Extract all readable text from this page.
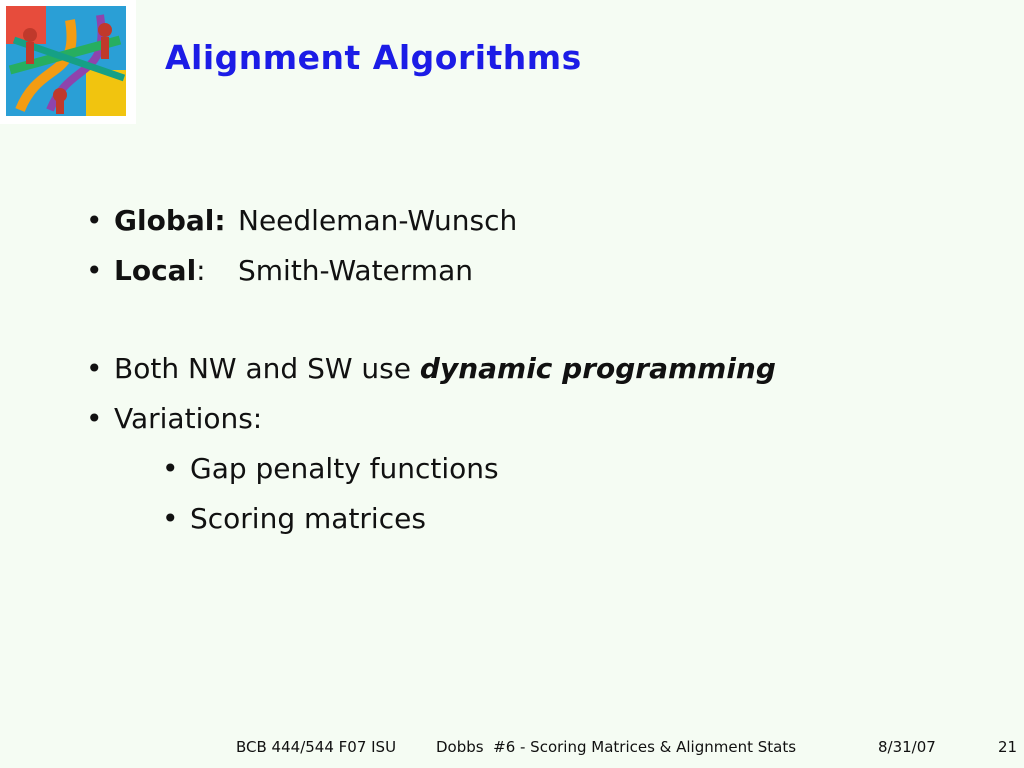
Alignment Algorithms
• Global: Needleman-Wunsch
• Local:	Smith-Waterman
• Both NW and SW use dynamic programming
• Variations:
• Gap penalty functions
• Scoring matrices
BCB 444/544 F07 ISU	Dobbs  #6 - Scoring Matrices & Alignment Stats	8/31/07	21
